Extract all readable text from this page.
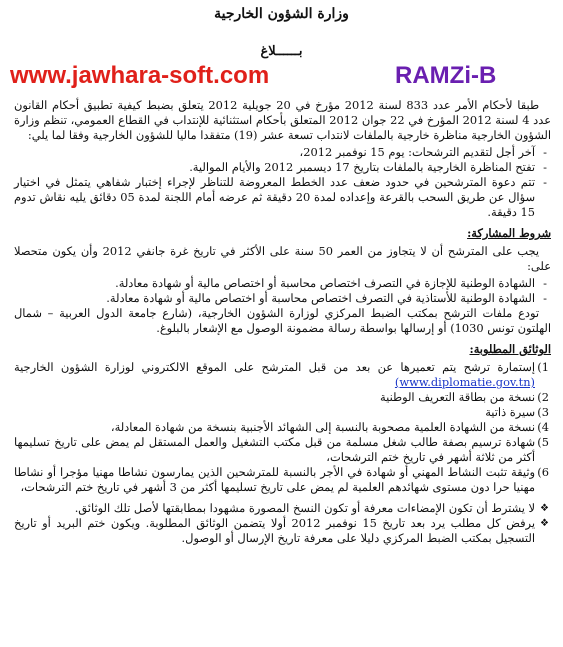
وزارة الشؤون الخارجية
بــــــلاغ
www.jawhara-soft.com	RAMZi-B

طبقا لأحكام الأمر عدد 833 لسنة 2012 مؤرخ في 20 جويلية 2012 يتعلق بضبط كيفية تطبيق أحكام القانون عدد 4 لسنة 2012 المؤرخ في 22 جوان 2012 المتعلق بأحكام استثنائية للإنتداب في القطاع العمومي، تنظم وزارة الشؤون الخارجية مناظرة خارجية بالملفات لانتداب تسعة عشر (19) متفقدا ماليا للشؤون الخارجية وفقا لما يلي:

- آخر أجل لتقديم الترشحات: يوم 15 نوفمبر 2012،
- تفتح المناظرة الخارجية بالملفات بتاريخ 17 ديسمبر 2012 والأيام الموالية.
- تتم دعوة المترشحين في حدود ضعف عدد الخطط المعروضة للتناظر لإجراء إختبار شفاهي يتمثل في اختيار سؤال عن طريق السحب بالقرعة وإعداده لمدة 20 دقيقة ثم عرضه أمام اللجنة لمدة 05 دقائق يليه نقاش تدوم 15 دقيقة.
شروط المشاركة:

يجب على المترشح أن لا يتجاوز من العمر 50 سنة على الأكثر في تاريخ غرة جانفي 2012 وأن يكون متحصلا على:

- الشهادة الوطنية للإجازة في التصرف اختصاص محاسبة أو اختصاص مالية أو شهادة معادلة.
- الشهادة الوطنية للأستاذية في التصرف اختصاص محاسبة أو اختصاص مالية أو شهادة معادلة.

تودع ملفات الترشح بمكتب الضبط المركزي لوزارة الشؤون الخارجية، (شارع جامعة الدول العربية – شمال الهلتون تونس 1030) أو إرسالها بواسطة رسالة مضمونة الوصول مع الإشعار بالبلوغ.

الوثائق المطلوبة:
1)
إستمارة ترشح يتم تعميرها عن بعد من قبل المترشح على الموقع الالكتروني لوزارة الشؤون الخارجية (www.diplomatie.gov.tn)
2)
نسخة من بطاقة التعريف الوطنية
3)
سيرة ذاتية
4)
نسخة من الشهادة العلمية مصحوبة بالنسبة إلى الشهائد الأجنبية بنسخة من شهادة المعادلة،
5)
شهادة ترسيم بصفة طالب شغل مسلمة من قبل مكتب التشغيل والعمل المستقل لم يمض على تاريخ تسليمها أكثر من ثلاثة أشهر في تاريخ ختم الترشحات،
6)
وثيقة تثبت النشاط المهني أو شهادة في الأجر بالنسبة للمترشحين الذين يمارسون نشاطا مهنيا مؤجرا أو نشاطا مهنيا حرا دون مستوى شهائدهم العلمية لم يمض على تاريخ تسليمها أكثر من 3 أشهر في تاريخ ختم الترشحات،
❖ لا يشترط أن تكون الإمضاءات معرفة أو تكون النسخ المصورة مشهودا بمطابقتها لأصل تلك الوثائق.
❖ يرفض كل مطلب يرد بعد تاريخ 15 نوفمبر 2012 أولا يتضمن الوثائق المطلوبة. ويكون ختم البريد أو تاريخ التسجيل بمكتب الضبط المركزي دليلا على معرفة تاريخ الإرسال أو الوصول.
